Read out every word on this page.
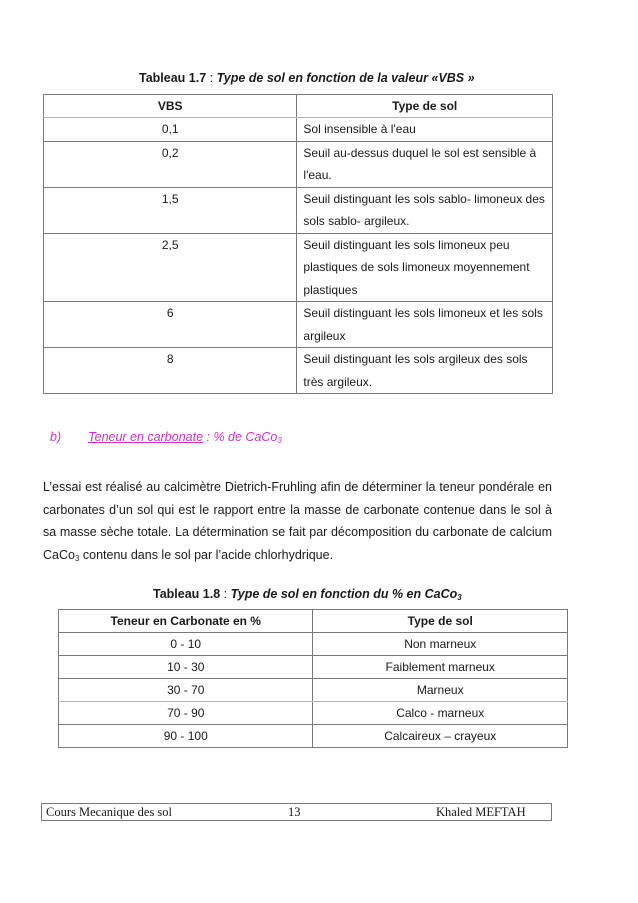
Tableau 1.7 : Type de sol en fonction de la valeur «VBS »
VBS	Type de sol
0,1	Sol insensible à l'eau
0,2	Seuil au-dessus duquel le sol est sensible à l'eau.
1,5	Seuil distinguant les sols sablo- limoneux des sols sablo- argileux.
2,5	Seuil distinguant les sols limoneux peu plastiques de sols limoneux moyennement plastiques
6	Seuil distinguant les sols limoneux et les sols argileux
8	Seuil distinguant les sols argileux des sols très argileux.
b) Teneur en carbonate : % de CaCo$_3$
L’essai est réalisé au calcimètre Dietrich-Fruhling afin de déterminer la teneur pondérale en carbonates d’un sol qui est le rapport entre la masse de carbonate contenue dans le sol à sa masse sèche totale. La détermination se fait par décomposition du carbonate de calcium CaCo$_3$ contenu dans le sol par l’acide chlorhydrique.
Tableau 1.8 : Type de sol en fonction du % en CaCo$_3$
Teneur en Carbonate en %	Type de sol
0 - 10	Non marneux
10 - 30	Faiblement marneux
30 - 70	Marneux
70 - 90	Calco - marneux
90 - 100	Calcaireux – crayeux
Cours Mecanique des sol	13	Khaled MEFTAH
